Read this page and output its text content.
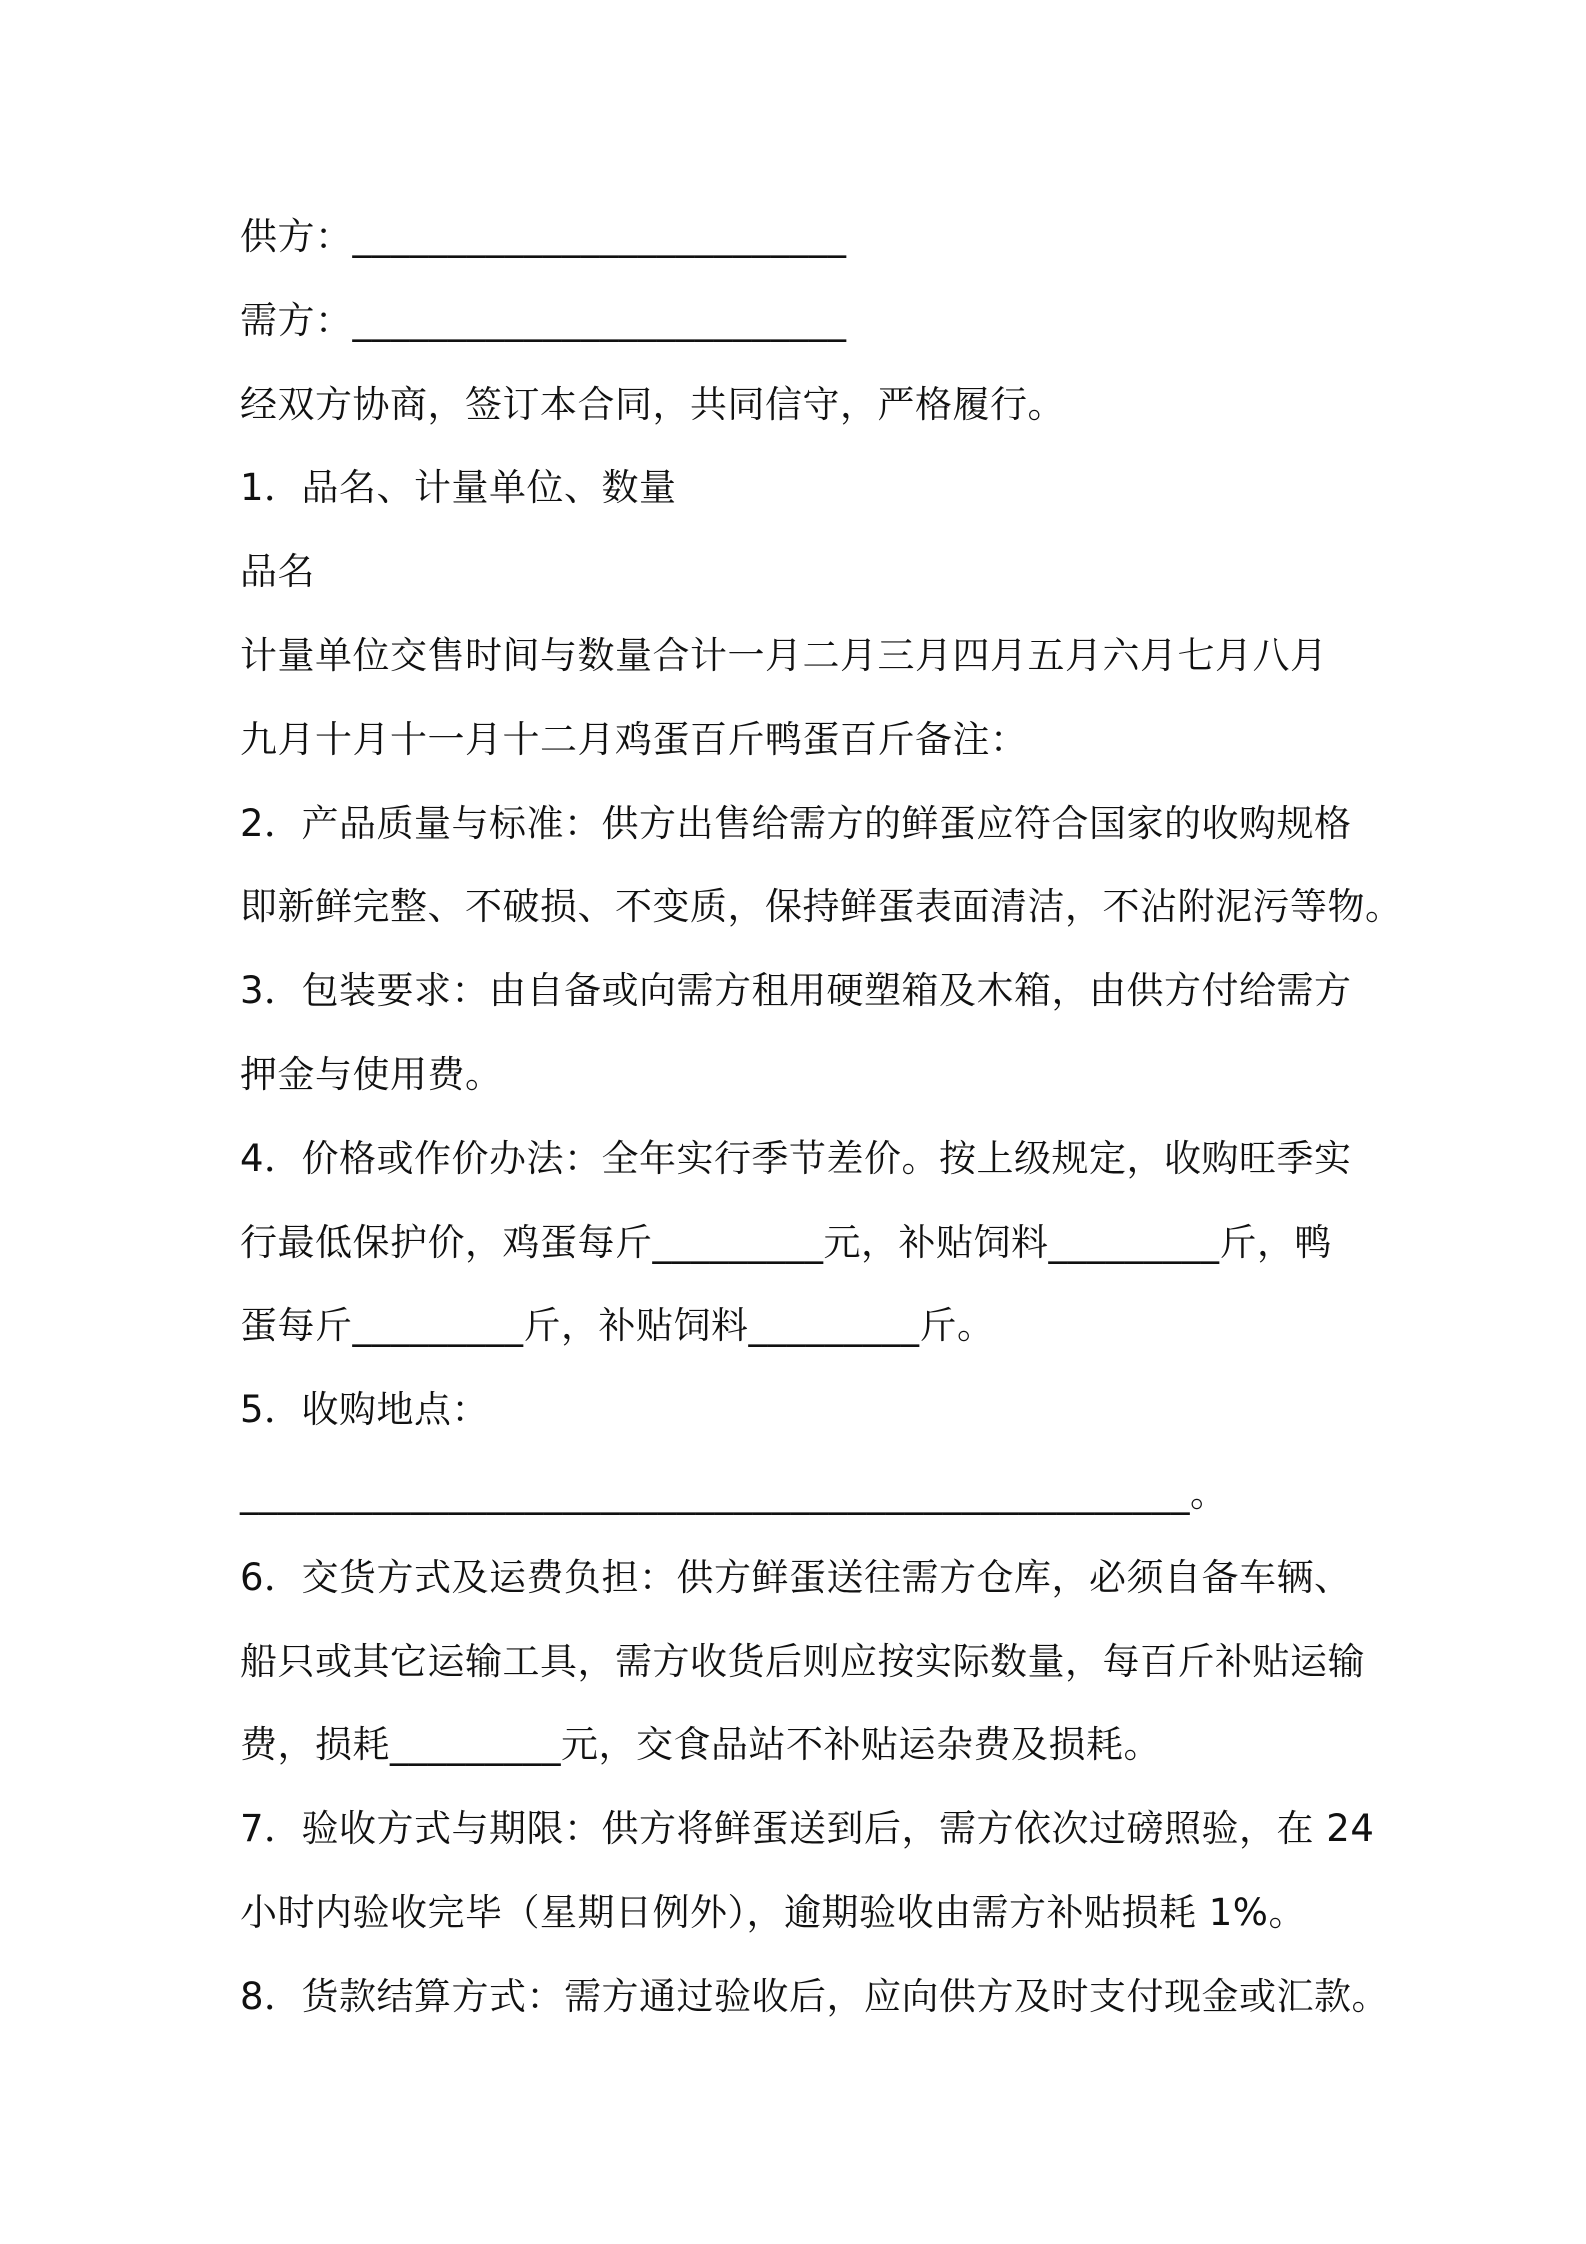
供方：__________________________
需方：__________________________
经双方协商，签订本合同，共同信守，严格履行。
1．品名、计量单位、数量
品名
计量单位交售时间与数量合计一月二月三月四月五月六月七月八月
九月十月十一月十二月鸡蛋百斤鸭蛋百斤备注：
2．产品质量与标准：供方出售给需方的鲜蛋应符合国家的收购规格
即新鲜完整、不破损、不变质，保持鲜蛋表面清洁，不沾附泥污等物。
3．包装要求：由自备或向需方租用硬塑箱及木箱，由供方付给需方
押金与使用费。
4．价格或作价办法：全年实行季节差价。按上级规定，收购旺季实
行最低保护价，鸡蛋每斤_________元，补贴饲料_________斤，鸭
蛋每斤_________斤，补贴饲料_________斤。
5．收购地点：
__________________________________________________。
6．交货方式及运费负担：供方鲜蛋送往需方仓库，必须自备车辆、
船只或其它运输工具，需方收货后则应按实际数量，每百斤补贴运输
费，损耗_________元，交食品站不补贴运杂费及损耗。
7．验收方式与期限：供方将鲜蛋送到后，需方依次过磅照验，在 24
小时内验收完毕（星期日例外），逾期验收由需方补贴损耗 1%。
8．货款结算方式：需方通过验收后，应向供方及时支付现金或汇款。
